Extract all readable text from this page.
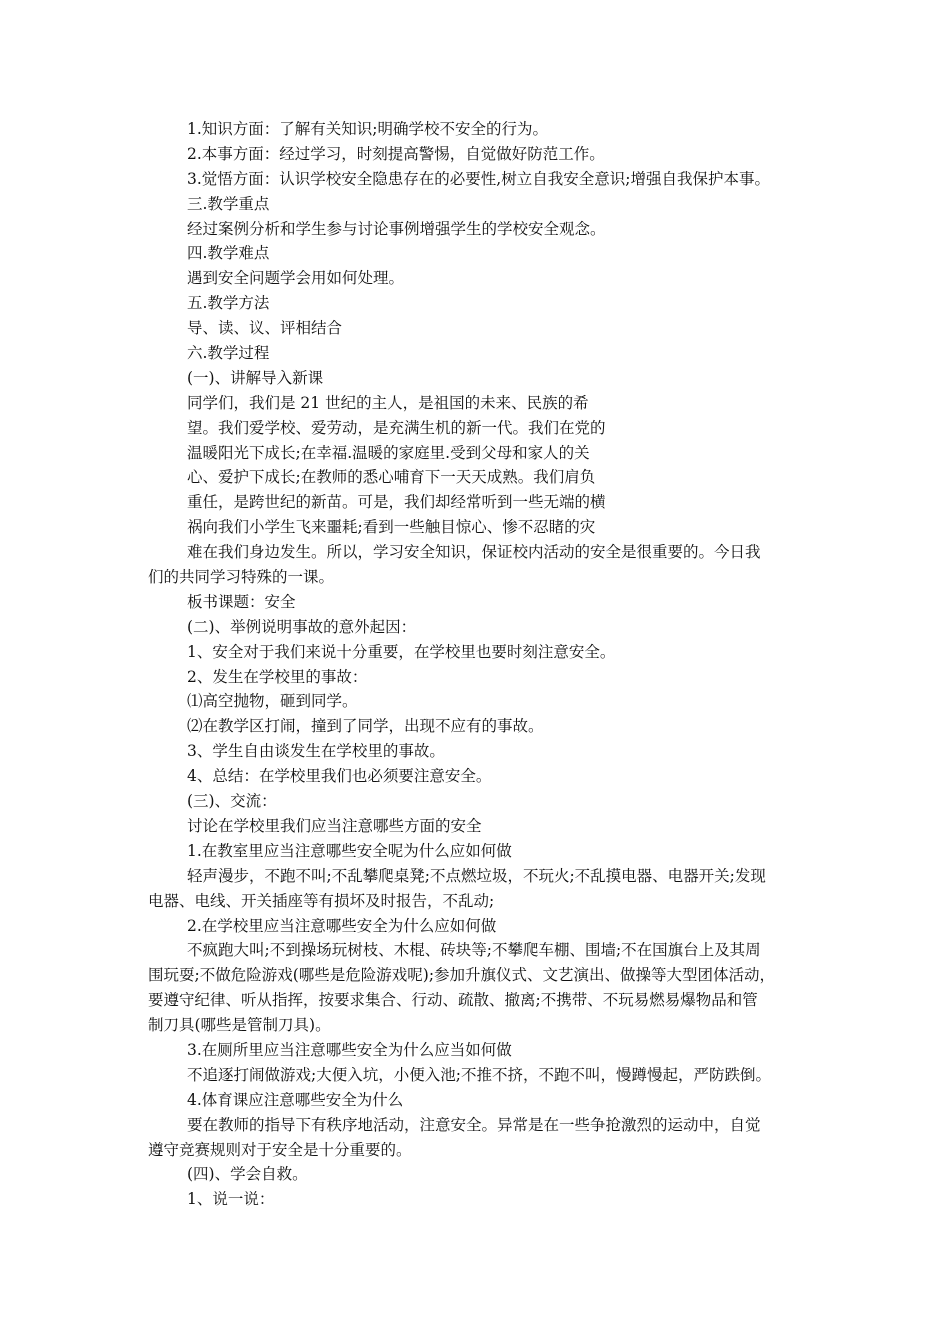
1.知识方面：了解有关知识;明确学校不安全的行为。
2.本事方面：经过学习，时刻提高警惕，自觉做好防范工作。
3.觉悟方面：认识学校安全隐患存在的必要性,树立自我安全意识;增强自我保护本事。
三.教学重点
经过案例分析和学生参与讨论事例增强学生的学校安全观念。
四.教学难点
遇到安全问题学会用如何处理。
五.教学方法
导、读、议、评相结合
六.教学过程
(一)、讲解导入新课
同学们，我们是 21 世纪的主人，是祖国的未来、民族的希
望。我们爱学校、爱劳动，是充满生机的新一代。我们在党的
温暖阳光下成长;在幸福.温暖的家庭里.受到父母和家人的关
心、爱护下成长;在教师的悉心哺育下一天天成熟。我们肩负
重任，是跨世纪的新苗。可是，我们却经常听到一些无端的横
祸向我们小学生飞来噩耗;看到一些触目惊心、惨不忍睹的灾
难在我们身边发生。所以，学习安全知识，保证校内活动的安全是很重要的。今日我
们的共同学习特殊的一课。
板书课题：安全
(二)、举例说明事故的意外起因：
1、安全对于我们来说十分重要，在学校里也要时刻注意安全。
2、发生在学校里的事故：
⑴高空抛物，砸到同学。
⑵在教学区打闹，撞到了同学，出现不应有的事故。
3、学生自由谈发生在学校里的事故。
4、总结：在学校里我们也必须要注意安全。
(三)、交流：
讨论在学校里我们应当注意哪些方面的安全
1.在教室里应当注意哪些安全呢为什么应如何做
轻声漫步，不跑不叫;不乱攀爬桌凳;不点燃垃圾，不玩火;不乱摸电器、电器开关;发现
电器、电线、开关插座等有损坏及时报告，不乱动;
2.在学校里应当注意哪些安全为什么应如何做
不疯跑大叫;不到操场玩树枝、木棍、砖块等;不攀爬车棚、围墙;不在国旗台上及其周
围玩耍;不做危险游戏(哪些是危险游戏呢);参加升旗仪式、文艺演出、做操等大型团体活动，
要遵守纪律、听从指挥，按要求集合、行动、疏散、撤离;不携带、不玩易燃易爆物品和管
制刀具(哪些是管制刀具)。
3.在厕所里应当注意哪些安全为什么应当如何做
不追逐打闹做游戏;大便入坑，小便入池;不推不挤，不跑不叫，慢蹲慢起，严防跌倒。
4.体育课应注意哪些安全为什么
要在教师的指导下有秩序地活动，注意安全。异常是在一些争抢激烈的运动中，自觉
遵守竞赛规则对于安全是十分重要的。
(四)、学会自救。
1、说一说：
